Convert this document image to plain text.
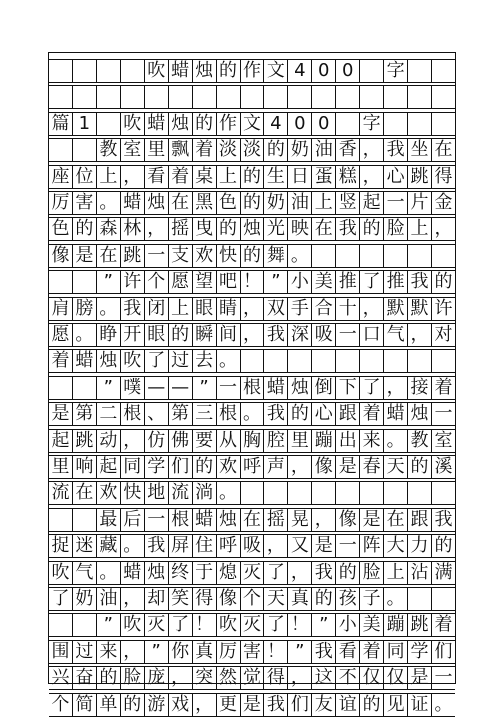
吹 蜡 烛 的 作 文 4 0 0	字
篇 1	吹 蜡 烛 的 作 文 4 0 0	字
教 室 里 飘 着 淡 淡 的 奶 油 香 ， 我 坐 在
座 位 上 ， 看 着 桌 上 的 生 日 蛋 糕 ， 心 跳 得
厉 害 。 蜡 烛 在 黑 色 的 奶 油 上 竖 起 一 片 金
色 的 森 林 ， 摇 曳 的 烛 光 映 在 我 的 脸 上 ，
像 是 在 跳 一 支 欢 快 的 舞 。
” 许 个 愿 望 吧 ！ ” 小 美 推 了 推 我 的
肩 膀 。 我 闭 上 眼 睛 ， 双 手 合 十 ， 默 默 许
愿 。 睁 开 眼 的 瞬 间 ， 我 深 吸 一 口 气 ， 对
着 蜡 烛 吹 了 过 去 。
” 噗 — — ” 一 根 蜡 烛 倒 下 了 ， 接 着
是 第 二 根 、 第 三 根 。 我 的 心 跟 着 蜡 烛 一
起 跳 动 ， 仿 佛 要 从 胸 腔 里 蹦 出 来 。 教 室
里 响 起 同 学 们 的 欢 呼 声 ， 像 是 春 天 的 溪
流 在 欢 快 地 流 淌 。
最 后 一 根 蜡 烛 在 摇 晃 ， 像 是 在 跟 我
捉 迷 藏 。 我 屏 住 呼 吸 ， 又 是 一 阵 大 力 的
吹 气 。 蜡 烛 终 于 熄 灭 了 ， 我 的 脸 上 沾 满
了 奶 油 ， 却 笑 得 像 个 天 真 的 孩 子 。
” 吹 灭 了 ！ 吹 灭 了 ！ ” 小 美 蹦 跳 着
围 过 来 ， ” 你 真 厉 害 ！ ” 我 看 着 同 学 们
兴 奋 的 脸 庞 ， 突 然 觉 得 ， 这 不 仅 仅 是 一
个 简 单 的 游 戏 ， 更 是 我 们 友 谊 的 见 证 。
